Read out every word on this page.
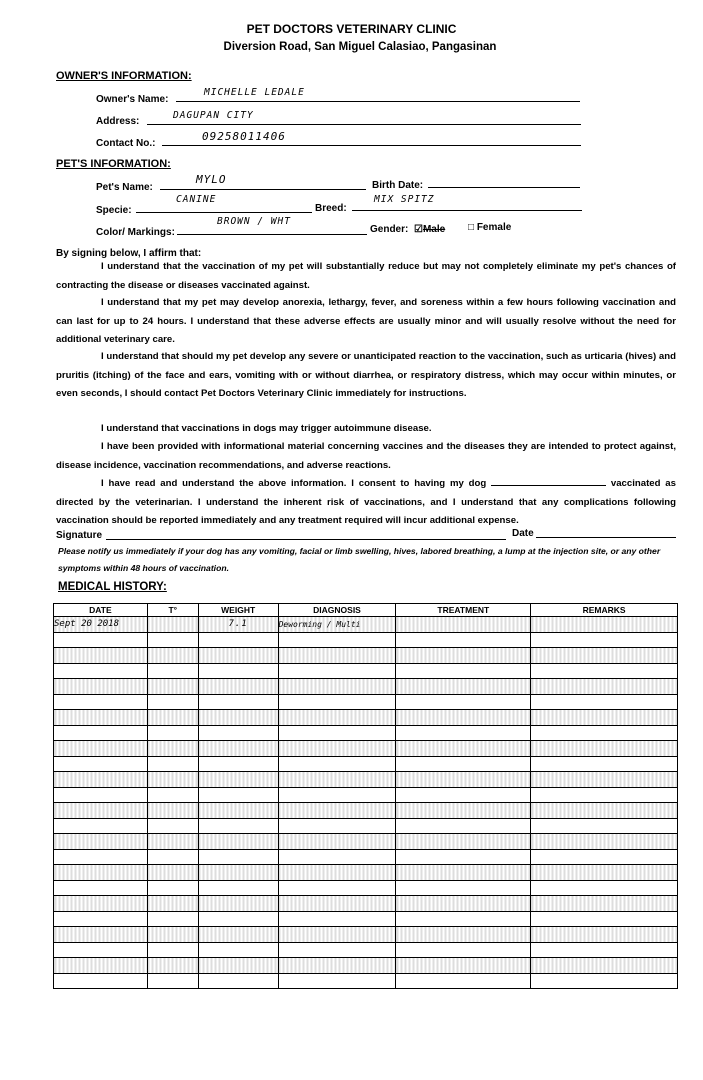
PET DOCTORS VETERINARY CLINIC
Diversion Road, San Miguel Calasiao, Pangasinan
OWNER'S INFORMATION:
Owner's Name:
MICHELLE LEDALE
Address:
DAGUPAN CITY
Contact No.:
09258011406
PET'S INFORMATION:
Pet's Name:
MYLO	Birth Date:
Specie:
CANINE
Breed:
MIX SPITZ
Color/ Markings:
BROWN / WHT
Gender: ☑Male □ Female
By signing below, I affirm that:
I understand that the vaccination of my pet will substantially reduce but may not completely eliminate my pet's chances of contracting the disease or diseases vaccinated against.
I understand that my pet may develop anorexia, lethargy, fever, and soreness within a few hours following vaccination and can last for up to 24 hours. I understand that these adverse effects are usually minor and will usually resolve without the need for additional veterinary care.
I understand that should my pet develop any severe or unanticipated reaction to the vaccination, such as urticaria (hives) and pruritis (itching) of the face and ears, vomiting with or without diarrhea, or respiratory distress, which may occur within minutes, or even seconds, I should contact Pet Doctors Veterinary Clinic immediately for instructions.
I understand that vaccinations in dogs may trigger autoimmune disease.
I have been provided with informational material concerning vaccines and the diseases they are intended to protect against, disease incidence, vaccination recommendations, and adverse reactions.
I have read and understand the above information. I consent to having my dog	vaccinated as directed by the veterinarian. I understand the inherent risk of vaccinations, and I understand that any complications following vaccination should be reported immediately and any treatment required will incur additional expense.
Signature	Date
Please notify us immediately if your dog has any vomiting, facial or limb swelling, hives, labored breathing, a lump at the injection site, or any other symptoms within 48 hours of vaccination.
MEDICAL HISTORY:
DATE	T°	WEIGHT	DIAGNOSIS	TREATMENT	REMARKS
Sept 20 2018		7.1	Deworming / Multi		
